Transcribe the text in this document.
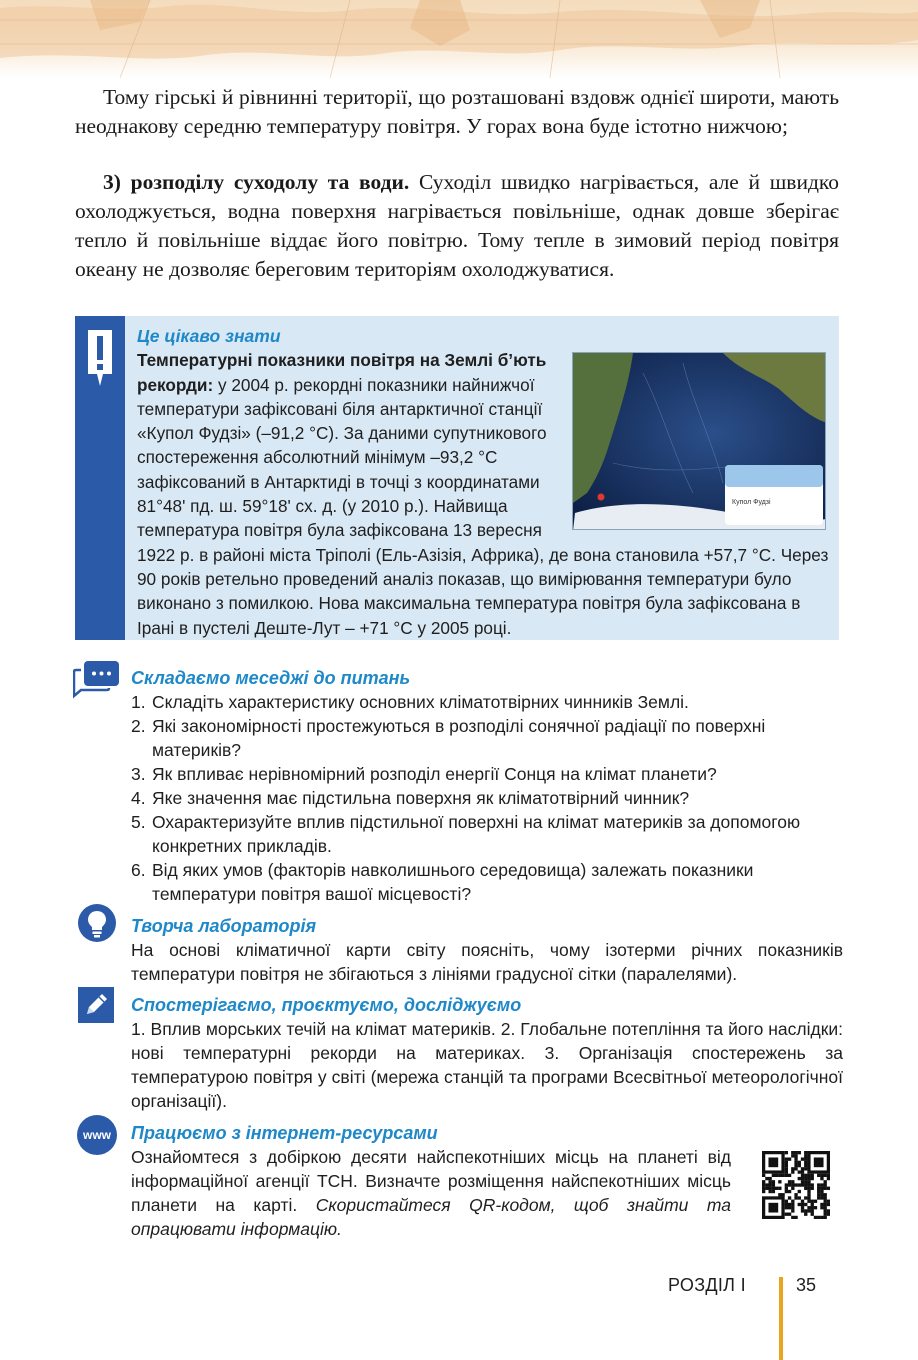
Тому гірські й рівнинні території, що розташовані вздовж однієї широти, мають неоднакову середню температуру повітря. У горах вона буде істотно нижчою;

3) розподілу суходолу та води. Суходіл швидко нагрівається, але й швидко охолоджується, водна поверхня нагрівається повільніше, однак довше зберігає тепло й повільніше віддає його повітрю. Тому тепле в зимовий період повітря океану не дозволяє береговим територіям охолоджуватися.

Це цікаво знати
Купол Фудзі
Температурні показники повітря на Землі б’ють рекорди: у 2004 р. рекордні показники найнижчої температури зафіксовані біля антарктичної станції «Купол Фудзі» (–91,2 °С). За даними супутникового спостереження абсолютний мінімум –93,2 °С зафіксований в Антарктиді в точці з координатами 81°48' пд. ш. 59°18' сх. д. (у 2010 р.). Найвища температура повітря була зафіксована 13 вересня 1922 р. в районі міста Тріполі (Ель-Азізія, Африка), де вона становила +57,7 °С. Через 90 років ретельно проведений аналіз показав, що вимірювання температури було виконано з помилкою. Нова максимальна температура повітря була зафіксована в Ірані в пустелі Деште-Лут – +71 °С у 2005 році.
Складаємо меседжі до питань
1. Складіть характеристику основних кліматотвірних чинників Землі.
2. Які закономірності простежуються в розподілі сонячної радіації по поверхні материків?
3. Як впливає нерівномірний розподіл енергії Сонця на клімат планети?
4. Яке значення має підстильна поверхня як кліматотвірний чинник?
5. Охарактеризуйте вплив підстильної поверхні на клімат материків за допомогою конкретних прикладів.
6. Від яких умов (факторів навколишнього середовища) залежать показники температури повітря вашої місцевості?
Творча лабораторія
На основі кліматичної карти світу поясніть, чому ізотерми річних показників температури повітря не збігаються з лініями градусної сітки (паралелями).
Спостерігаємо, проєктуємо, досліджуємо
1. Вплив морських течій на клімат материків. 2. Глобальне потепління та його наслідки: нові температурні рекорди на материках. 3. Організація спостережень за температурою повітря у світі (мережа станцій та програми Всесвітньої метеорологічної організації).
www	Працюємо з інтернет-ресурсами
Ознайомтеся з добіркою десяти найспекотніших місць на планеті від інформаційної агенції ТСН. Визначте розміщення найспекотніших місць планети на карті. Скористайтеся QR-кодом, щоб знайти та опрацювати інформацію.
РОЗДІЛ I	35
